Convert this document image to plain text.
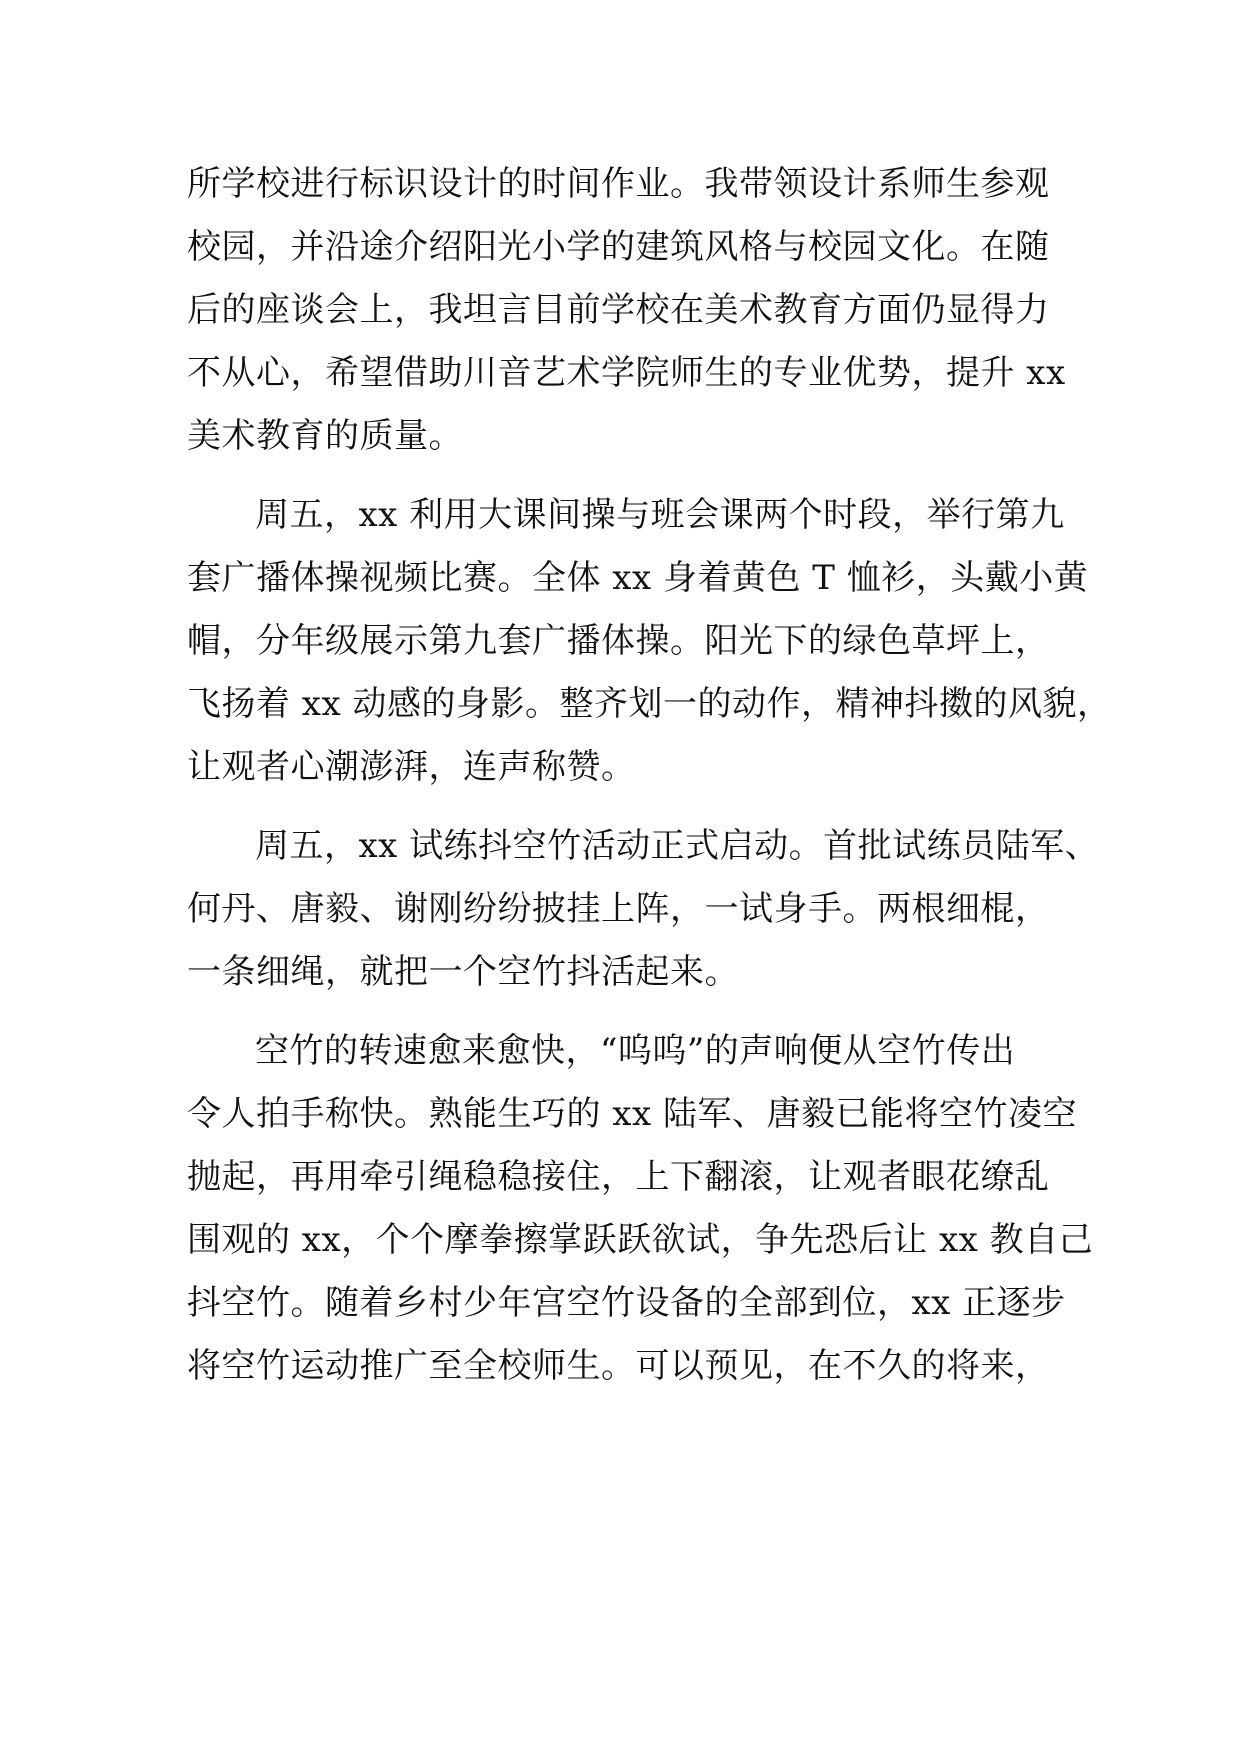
所学校进行标识设计的时间作业。我带领设计系师生参观
校园，并沿途介绍阳光小学的建筑风格与校园文化。在随
后的座谈会上，我坦言目前学校在美术教育方面仍显得力
不从心，希望借助川音艺术学院师生的专业优势，提升 xx
美术教育的质量。
周五，xx 利用大课间操与班会课两个时段，举行第九
套广播体操视频比赛。全体 xx 身着黄色 T 恤衫，头戴小黄
帽，分年级展示第九套广播体操。阳光下的绿色草坪上，
飞扬着 xx 动感的身影。整齐划一的动作，精神抖擞的风貌，
让观者心潮澎湃，连声称赞。
周五，xx 试练抖空竹活动正式启动。首批试练员陆军、
何丹、唐毅、谢刚纷纷披挂上阵，一试身手。两根细棍，
一条细绳，就把一个空竹抖活起来。
空竹的转速愈来愈快，“呜呜”的声响便从空竹传出
令人拍手称快。熟能生巧的 xx 陆军、唐毅已能将空竹凌空
抛起，再用牵引绳稳稳接住，上下翻滚，让观者眼花缭乱
围观的 xx，个个摩拳擦掌跃跃欲试，争先恐后让 xx 教自己
抖空竹。随着乡村少年宫空竹设备的全部到位，xx 正逐步
将空竹运动推广至全校师生。可以预见，在不久的将来，
